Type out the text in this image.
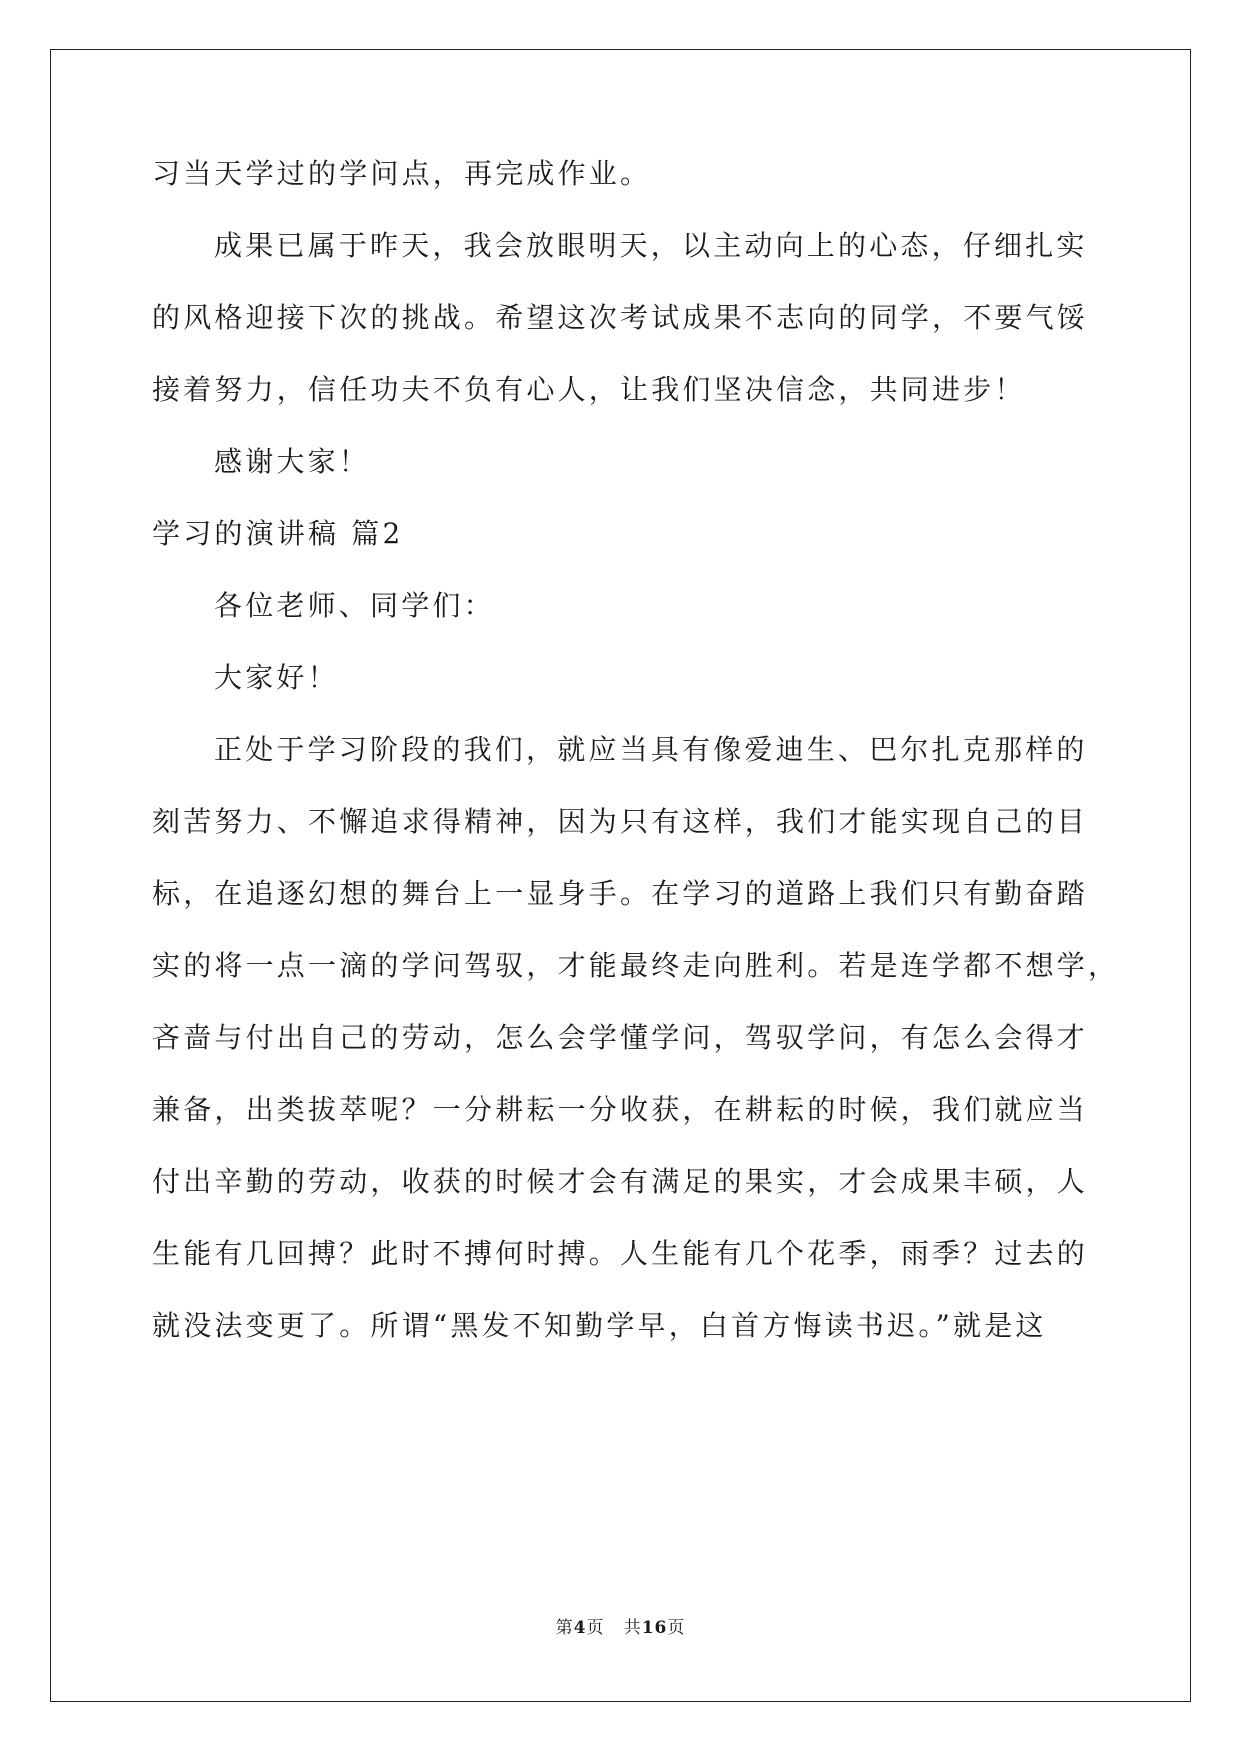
习当天学过的学问点，再完成作业。
成果已属于昨天，我会放眼明天，以主动向上的心态，仔细扎实
的风格迎接下次的挑战。希望这次考试成果不志向的同学，不要气馁
接着努力，信任功夫不负有心人，让我们坚决信念，共同进步！
感谢大家！
学习的演讲稿 篇2
各位老师、同学们：
大家好！
正处于学习阶段的我们，就应当具有像爱迪生、巴尔扎克那样的
刻苦努力、不懈追求得精神，因为只有这样，我们才能实现自己的目
标，在追逐幻想的舞台上一显身手。在学习的道路上我们只有勤奋踏
实的将一点一滴的学问驾驭，才能最终走向胜利。若是连学都不想学，
吝啬与付出自己的劳动，怎么会学懂学问，驾驭学问，有怎么会得才
兼备，出类拔萃呢？一分耕耘一分收获，在耕耘的时候，我们就应当
付出辛勤的劳动，收获的时候才会有满足的果实，才会成果丰硕，人
生能有几回搏？此时不搏何时搏。人生能有几个花季，雨季？过去的
就没法变更了。所谓“黑发不知勤学早，白首方悔读书迟。”就是这
第4页 共16页
